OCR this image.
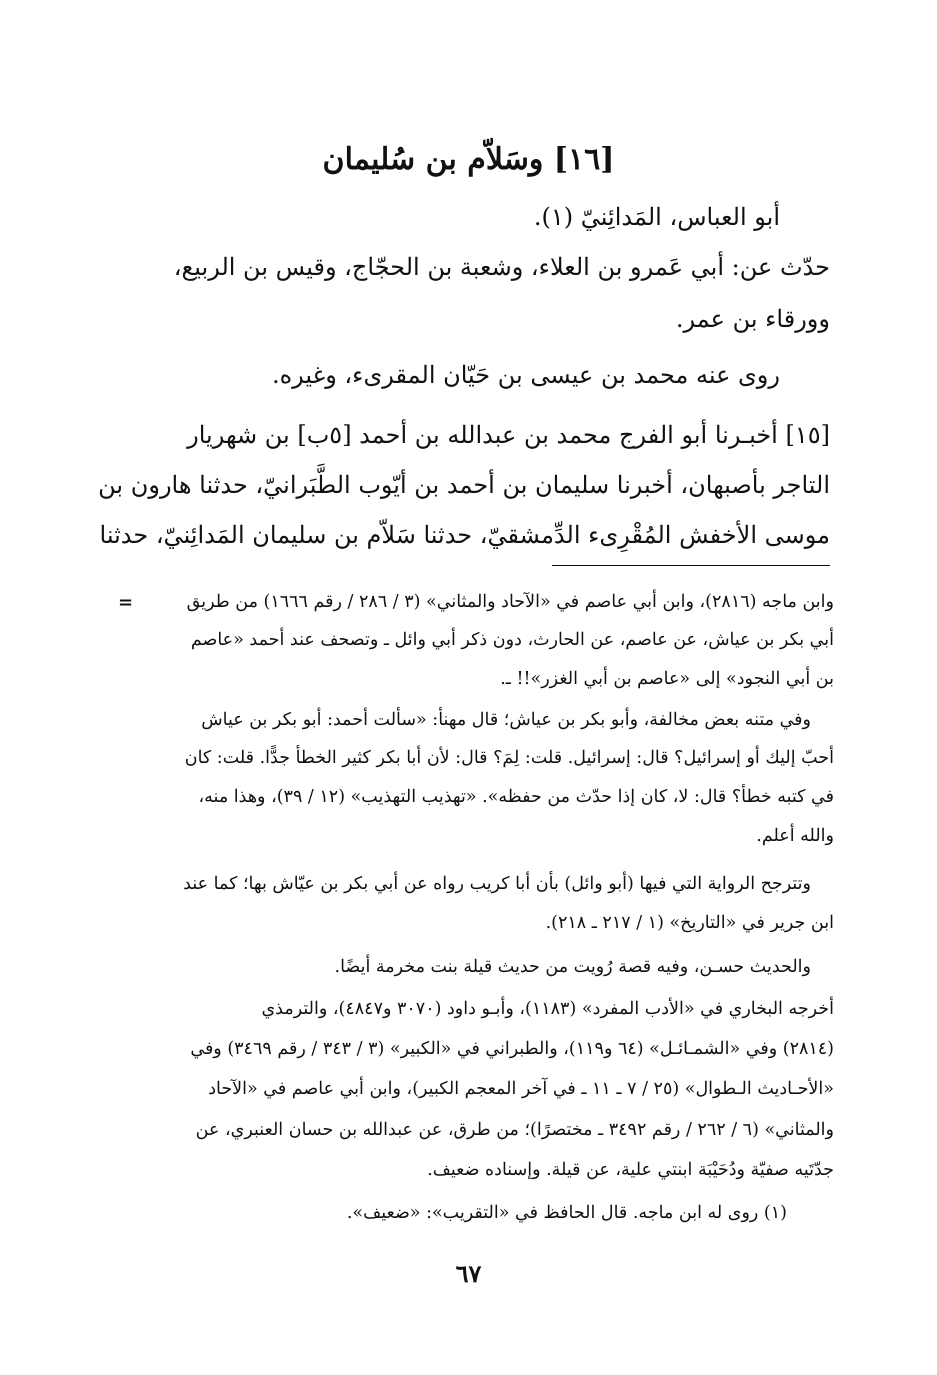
[١٦] وسَلاّم بن سُليمان
أبو العباس، المَدائِنيّ (١).
حدّث عن: أبي عَمرو بن العلاء، وشعبة بن الحجّاج، وقيس بن الربيع،
وورقاء بن عمر.
روى عنه محمد بن عيسى بن حَيّان المقرىء، وغيره.
[١٥] أخبـرنا أبو الفرج محمد بن عبدالله بن أحمد [٥ب] بن شهريار
التاجر بأصبهان، أخبرنا سليمان بن أحمد بن أيّوب الطَّبَرانيّ، حدثنا هارون بن
موسى الأخفش المُقْرِىء الدِّمشقيّ، حدثنا سَلاّم بن سليمان المَدائِنيّ، حدثنا
=	وابن ماجه (٢٨١٦)، وابن أبي عاصم في «الآحاد والمثاني» (٣ / ٢٨٦ / رقم ١٦٦٦) من طريق
أبي بكر بن عياش، عن عاصم، عن الحارث، دون ذكر أبي وائل ـ وتصحف عند أحمد «عاصم
بن أبي النجود» إلى «عاصم بن أبي الغزر»!! ـ.
وفي متنه بعض مخالفة، وأبو بكر بن عياش؛ قال مهنأ: «سألت أحمد: أبو بكر بن عياش
أحبّ إليك أو إسرائيل؟ قال: إسرائيل. قلت: لِمَ؟ قال: لأن أبا بكر كثير الخطأ جدًّا. قلت: كان
في كتبه خطأ؟ قال: لا، كان إذا حدّث من حفظه». «تهذيب التهذيب» (١٢ / ٣٩)، وهذا منه،
والله أعلم.
وتترجح الرواية التي فيها (أبو وائل) بأن أبا كريب رواه عن أبي بكر بن عيّاش بها؛ كما عند
ابن جرير في «التاريخ» (١ / ٢١٧ ـ ٢١٨).
والحديث حسـن، وفيه قصة رُويت من حديث قيلة بنت مخرمة أيضًا.
أخرجه البخاري في «الأدب المفرد» (١١٨٣)، وأبـو داود (٣٠٧٠ و٤٨٤٧)، والترمذي
(٢٨١٤) وفي «الشمـائـل» (٦٤ و١١٩)، والطبراني في «الكبير» (٣ / ٣٤٣ / رقم ٣٤٦٩) وفي
«الأحـاديث الـطوال» (٢٥ / ٧ ـ ١١ ـ في آخر المعجم الكبير)، وابن أبي عاصم في «الآحاد
والمثاني» (٦ / ٢٦٢ / رقم ٣٤٩٢ ـ مختصرًا)؛ من طرق، عن عبدالله بن حسان العنبري، عن
جدّتَيه صفيّة ودُحَيْبَة ابنتي علية، عن قيلة. وإسناده ضعيف.
(١) روى له ابن ماجه. قال الحافظ في «التقريب»: «ضعيف».
٦٧
